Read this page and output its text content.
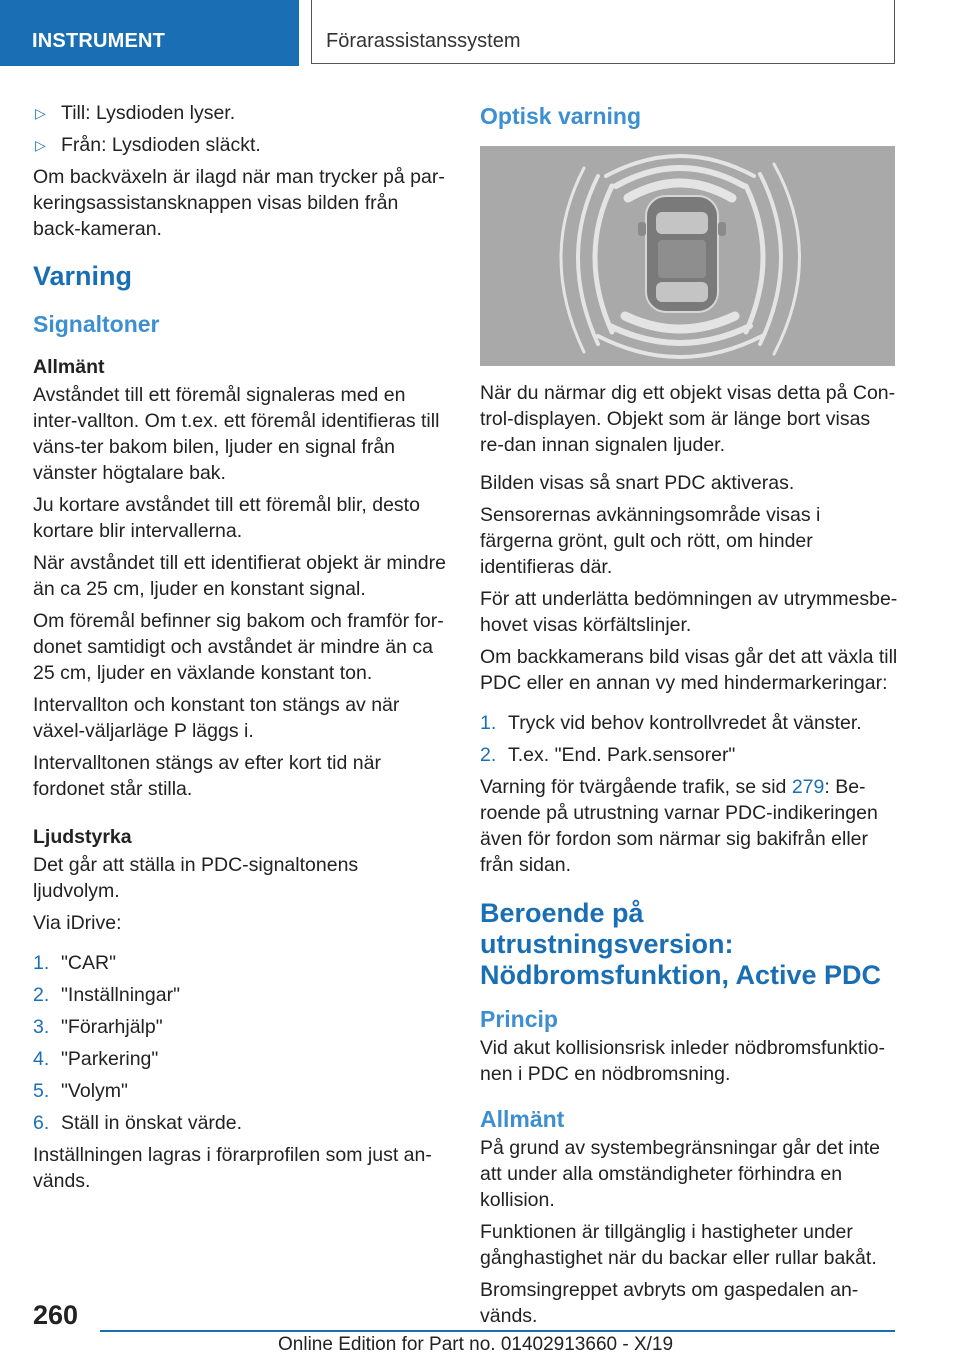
INSTRUMENT	Förarassistanssystem
▷ Till: Lysdioden lyser.
▷ Från: Lysdioden släckt.

Om backväxeln är ilagd när man trycker på par-keringsassistansknappen visas bilden från back-kameran.

Varning
Signaltoner
Allmänt

Avståndet till ett föremål signaleras med en inter-vallton. Om t.ex. ett föremål identifieras till väns-ter bakom bilen, ljuder en signal från vänster högtalare bak.

Ju kortare avståndet till ett föremål blir, desto kortare blir intervallerna.

När avståndet till ett identifierat objekt är mindre än ca 25 cm, ljuder en konstant signal.

Om föremål befinner sig bakom och framför for-donet samtidigt och avståndet är mindre än ca 25 cm, ljuder en växlande konstant ton.

Intervallton och konstant ton stängs av när växel-väljarläge P läggs i.

Intervalltonen stängs av efter kort tid när fordonet står stilla.

Ljudstyrka

Det går att ställa in PDC-signaltonens ljudvolym.

Via iDrive:

1. "CAR"
2. "Inställningar"
3. "Förarhjälp"
4. "Parkering"
5. "Volym"
6. Ställ in önskat värde.

Inställningen lagras i förarprofilen som just an-vänds.

Optisk varning

När du närmar dig ett objekt visas detta på Con-trol-displayen. Objekt som är länge bort visas re-dan innan signalen ljuder.

Bilden visas så snart PDC aktiveras.

Sensorernas avkänningsområde visas i färgerna grönt, gult och rött, om hinder identifieras där.

För att underlätta bedömningen av utrymmesbe-hovet visas körfältslinjer.

Om backkamerans bild visas går det att växla till PDC eller en annan vy med hindermarkeringar:

1. Tryck vid behov kontrollvredet åt vänster.
2. T.ex. "End. Park.sensorer"

Varning för tvärgående trafik, se sid 279: Be-roende på utrustning varnar PDC-indikeringen även för fordon som närmar sig bakifrån eller från sidan.

Beroende på utrustningsversion: Nödbromsfunktion, Active PDC
Princip

Vid akut kollisionsrisk inleder nödbromsfunktio-nen i PDC en nödbromsning.

Allmänt

På grund av systembegränsningar går det inte att under alla omständigheter förhindra en kollision.

Funktionen är tillgänglig i hastigheter under gånghastighet när du backar eller rullar bakåt.

Bromsingreppet avbryts om gaspedalen an-vänds.

260
Online Edition for Part no. 01402913660 - X/19
